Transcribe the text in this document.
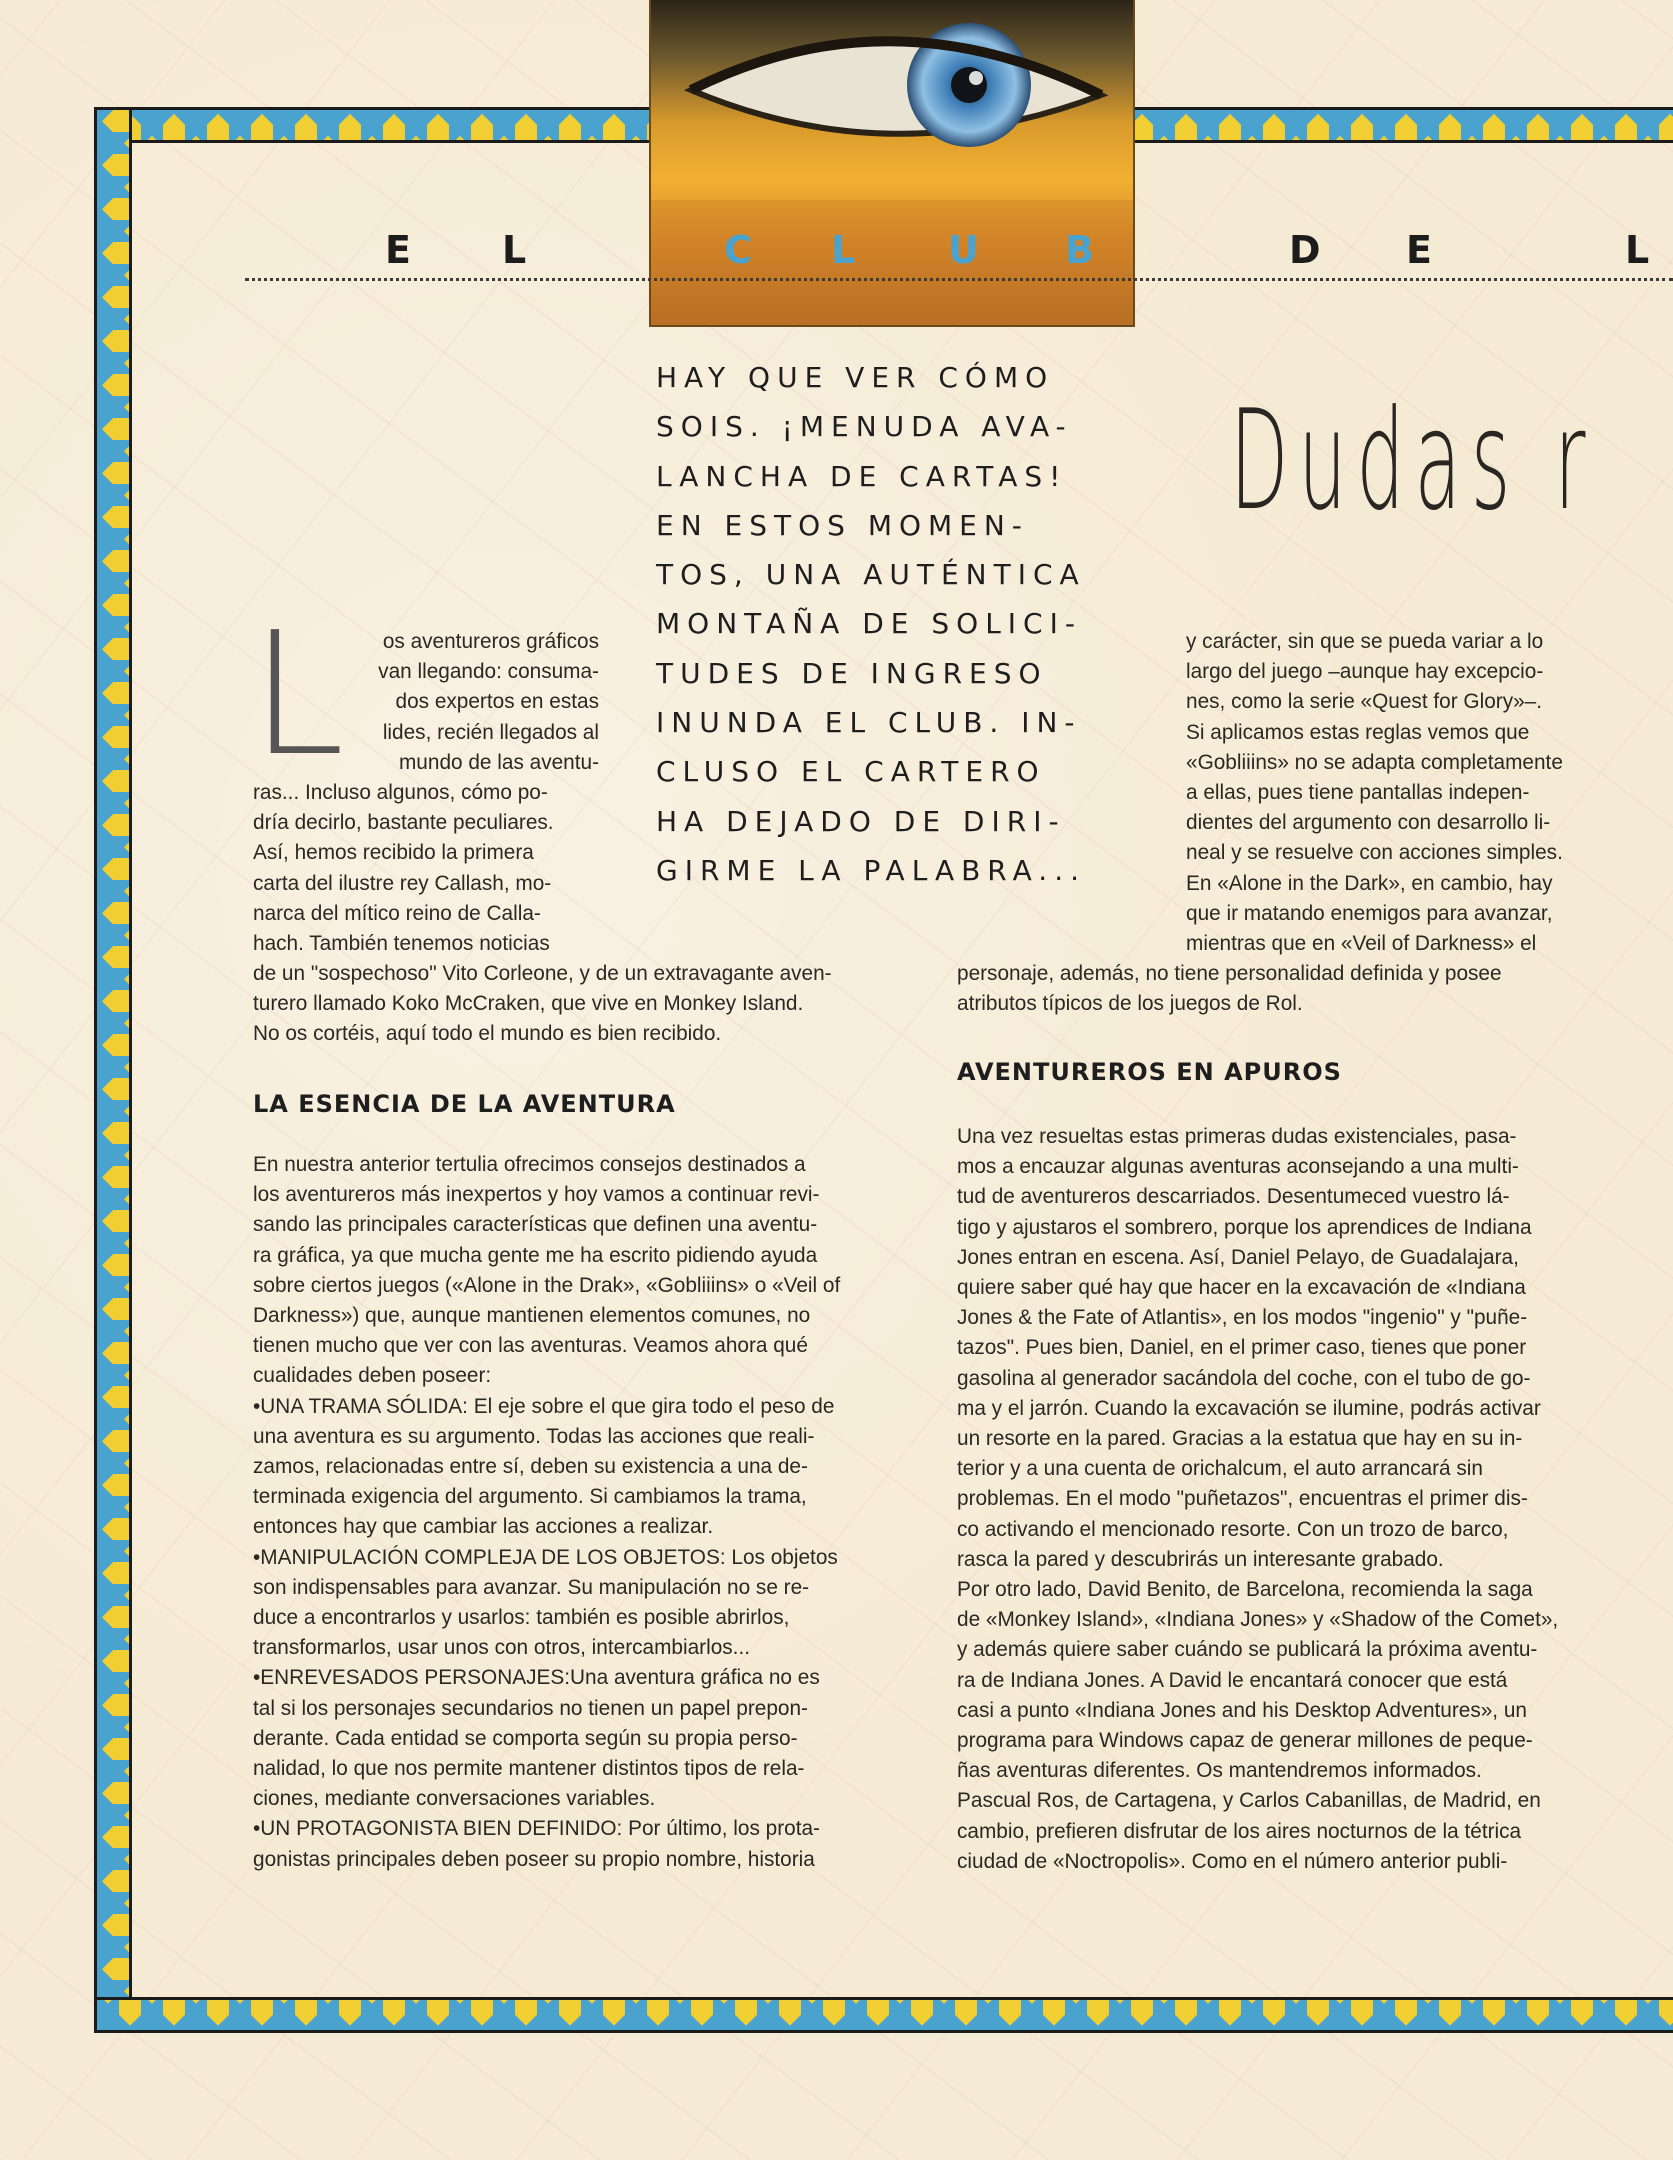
E L	C L U B	D E	L
Dudas r
HAY QUE VER CÓMO
SOIS. ¡MENUDA AVA-
LANCHA DE CARTAS!
EN ESTOS MOMEN-
TOS, UNA AUTÉNTICA
MONTAÑA DE SOLICI-
TUDES DE INGRESO
INUNDA EL CLUB. IN-
CLUSO EL CARTERO
HA DEJADO DE DIRI-
GIRME LA PALABRA...
L	os aventureros gráficos
van llegando: consuma-
dos expertos en estas
lides, recién llegados al
mundo de las aventu-
ras... Incluso algunos, cómo po-
dría decirlo, bastante peculiares.
Así, hemos recibido la primera
carta del ilustre rey Callash, mo-
narca del mítico reino de Calla-
hach. También tenemos noticias
de un "sospechoso" Vito Corleone, y de un extravagante aven-
turero llamado Koko McCraken, que vive en Monkey Island.
No os cortéis, aquí todo el mundo es bien recibido.
LA ESENCIA DE LA AVENTURA
En nuestra anterior tertulia ofrecimos consejos destinados a
los aventureros más inexpertos y hoy vamos a continuar revi-
sando las principales características que definen una aventu-
ra gráfica, ya que mucha gente me ha escrito pidiendo ayuda
sobre ciertos juegos («Alone in the Drak», «Gobliiins» o «Veil of
Darkness») que, aunque mantienen elementos comunes, no
tienen mucho que ver con las aventuras. Veamos ahora qué
cualidades deben poseer:
•UNA TRAMA SÓLIDA: El eje sobre el que gira todo el peso de
una aventura es su argumento. Todas las acciones que reali-
zamos, relacionadas entre sí, deben su existencia a una de-
terminada exigencia del argumento. Si cambiamos la trama,
entonces hay que cambiar las acciones a realizar.
•MANIPULACIÓN COMPLEJA DE LOS OBJETOS: Los objetos
son indispensables para avanzar. Su manipulación no se re-
duce a encontrarlos y usarlos: también es posible abrirlos,
transformarlos, usar unos con otros, intercambiarlos...
•ENREVESADOS PERSONAJES:Una aventura gráfica no es
tal si los personajes secundarios no tienen un papel prepon-
derante. Cada entidad se comporta según su propia perso-
nalidad, lo que nos permite mantener distintos tipos de rela-
ciones, mediante conversaciones variables.
•UN PROTAGONISTA BIEN DEFINIDO: Por último, los prota-
gonistas principales deben poseer su propio nombre, historia
y carácter, sin que se pueda variar a lo
largo del juego –aunque hay excepcio-
nes, como la serie «Quest for Glory»–.
Si aplicamos estas reglas vemos que
«Gobliiins» no se adapta completamente
a ellas, pues tiene pantallas indepen-
dientes del argumento con desarrollo li-
neal y se resuelve con acciones simples.
En «Alone in the Dark», en cambio, hay
que ir matando enemigos para avanzar,
mientras que en «Veil of Darkness» el
personaje, además, no tiene personalidad definida y posee
atributos típicos de los juegos de Rol.
AVENTUREROS EN APUROS
Una vez resueltas estas primeras dudas existenciales, pasa-
mos a encauzar algunas aventuras aconsejando a una multi-
tud de aventureros descarriados. Desentumeced vuestro lá-
tigo y ajustaros el sombrero, porque los aprendices de Indiana
Jones entran en escena. Así, Daniel Pelayo, de Guadalajara,
quiere saber qué hay que hacer en la excavación de «Indiana
Jones & the Fate of Atlantis», en los modos "ingenio" y "puñe-
tazos". Pues bien, Daniel, en el primer caso, tienes que poner
gasolina al generador sacándola del coche, con el tubo de go-
ma y el jarrón. Cuando la excavación se ilumine, podrás activar
un resorte en la pared. Gracias a la estatua que hay en su in-
terior y a una cuenta de orichalcum, el auto arrancará sin
problemas. En el modo "puñetazos", encuentras el primer dis-
co activando el mencionado resorte. Con un trozo de barco,
rasca la pared y descubrirás un interesante grabado.
Por otro lado, David Benito, de Barcelona, recomienda la saga
de «Monkey Island», «Indiana Jones» y «Shadow of the Comet»,
y además quiere saber cuándo se publicará la próxima aventu-
ra de Indiana Jones. A David le encantará conocer que está
casi a punto «Indiana Jones and his Desktop Adventures», un
programa para Windows capaz de generar millones de peque-
ñas aventuras diferentes. Os mantendremos informados.
Pascual Ros, de Cartagena, y Carlos Cabanillas, de Madrid, en
cambio, prefieren disfrutar de los aires nocturnos de la tétrica
ciudad de «Noctropolis». Como en el número anterior publi-
